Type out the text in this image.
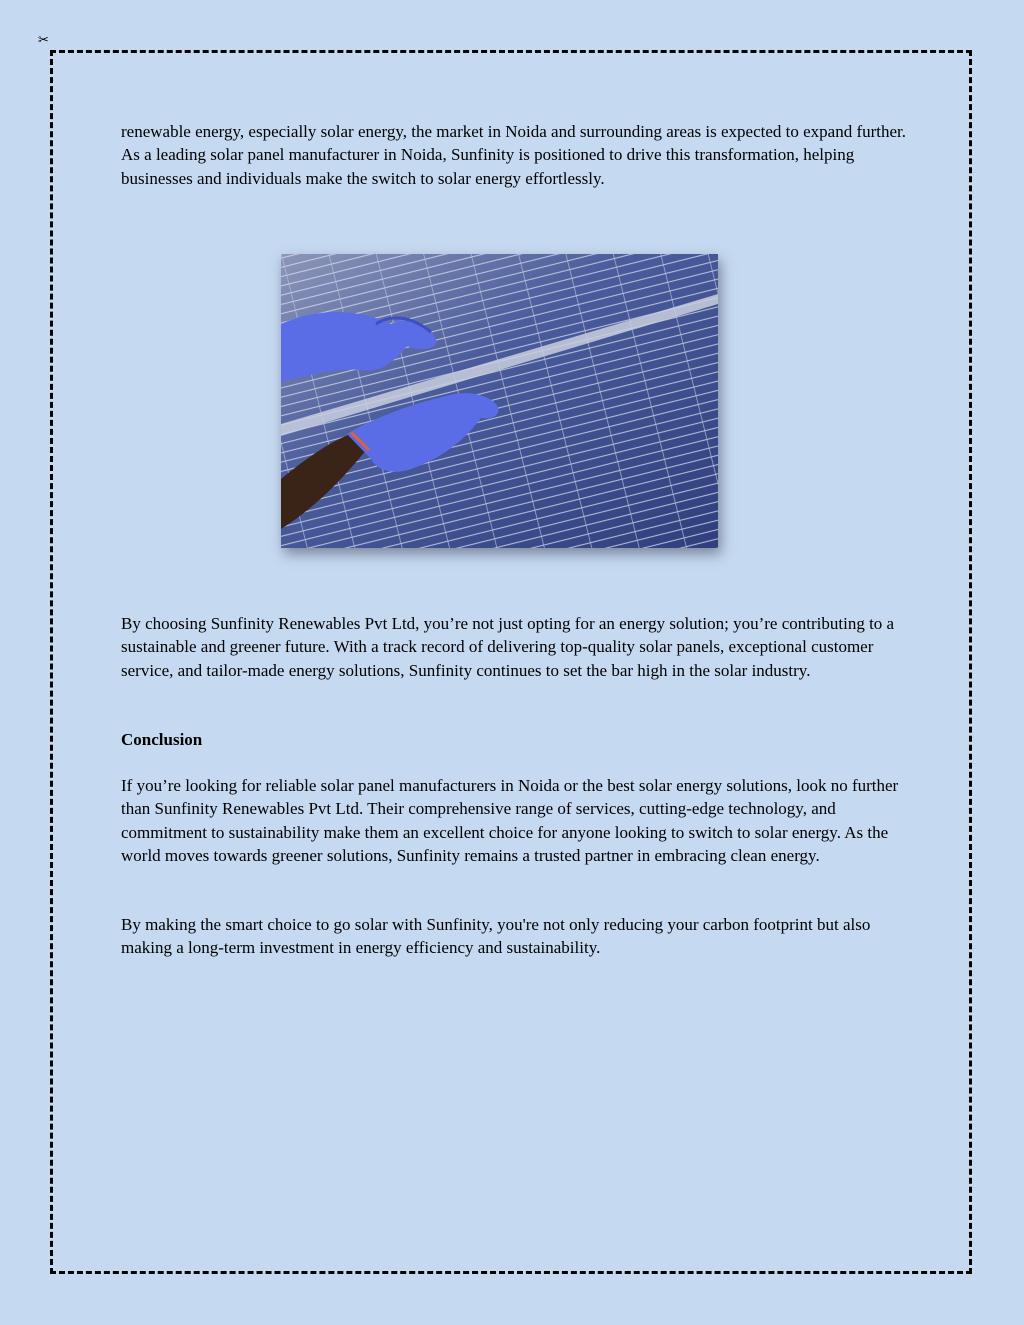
✂

renewable energy, especially solar energy, the market in Noida and surrounding areas is expected to expand further. As a leading solar panel manufacturer in Noida, Sunfinity is positioned to drive this transformation, helping businesses and individuals make the switch to solar energy effortlessly.

By choosing Sunfinity Renewables Pvt Ltd, you’re not just opting for an energy solution; you’re contributing to a sustainable and greener future. With a track record of delivering top-quality solar panels, exceptional customer service, and tailor-made energy solutions, Sunfinity continues to set the bar high in the solar industry.

Conclusion

If you’re looking for reliable solar panel manufacturers in Noida or the best solar energy solutions, look no further than Sunfinity Renewables Pvt Ltd. Their comprehensive range of services, cutting-edge technology, and commitment to sustainability make them an excellent choice for anyone looking to switch to solar energy. As the world moves towards greener solutions, Sunfinity remains a trusted partner in embracing clean energy.

By making the smart choice to go solar with Sunfinity, you're not only reducing your carbon footprint but also making a long-term investment in energy efficiency and sustainability.
